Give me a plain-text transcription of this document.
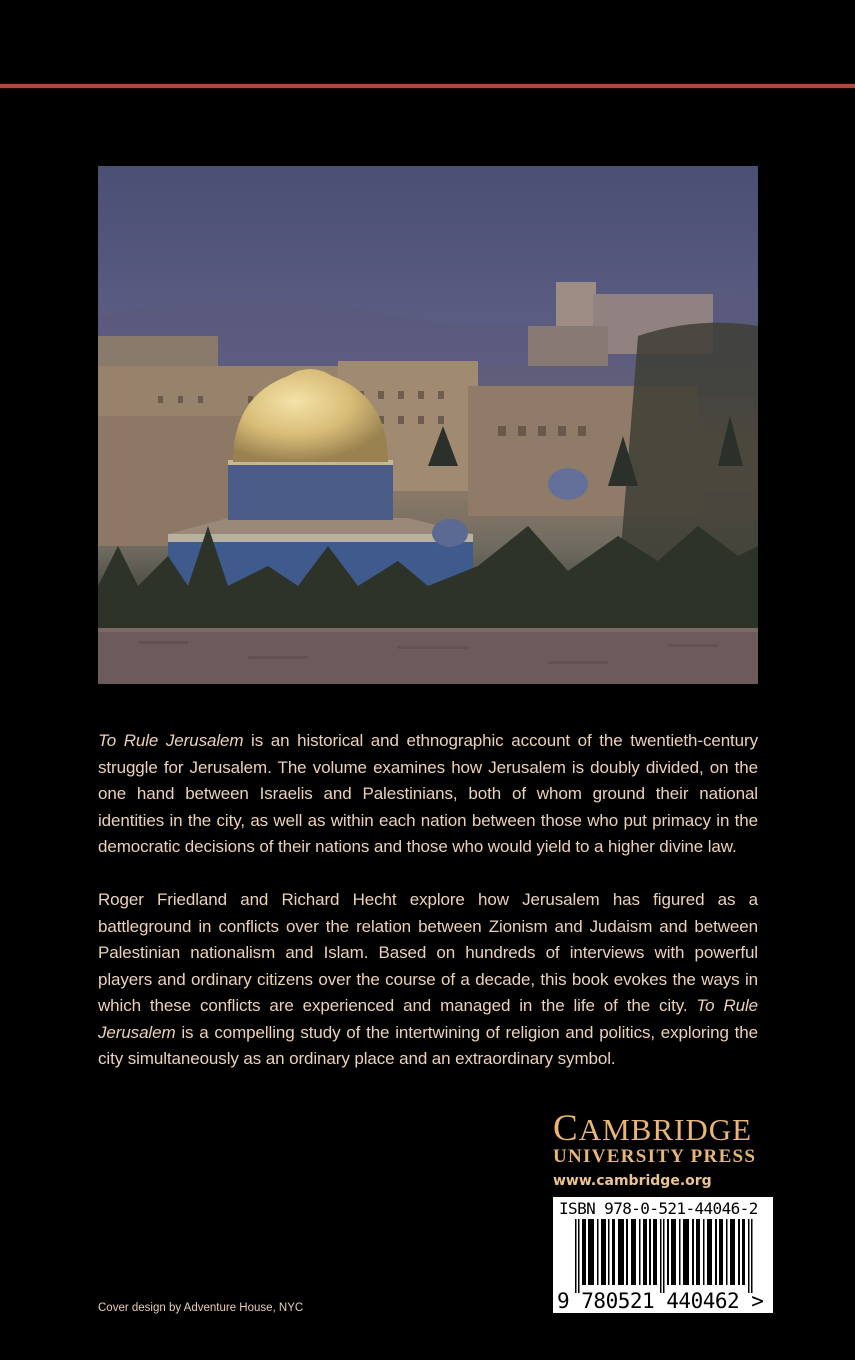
To Rule Jerusalem is an historical and ethnographic account of the twentieth-century struggle for Jerusalem. The volume examines how Jerusalem is doubly divided, on the one hand between Israelis and Palestinians, both of whom ground their national identities in the city, as well as within each nation between those who put primacy in the democratic decisions of their nations and those who would yield to a higher divine law.

Roger Friedland and Richard Hecht explore how Jerusalem has figured as a battleground in conflicts over the relation between Zionism and Judaism and between Palestinian nationalism and Islam. Based on hundreds of interviews with powerful players and ordinary citizens over the course of a decade, this book evokes the ways in which these conflicts are experienced and managed in the life of the city. To Rule Jerusalem is a compelling study of the intertwining of religion and politics, exploring the city simultaneously as an ordinary place and an extraordinary symbol.

CAMBRIDGE
UNIVERSITY PRESS
www.cambridge.org
ISBN 978-0-521-44046-2
9 780521 440462 >
Cover design by Adventure House, NYC
